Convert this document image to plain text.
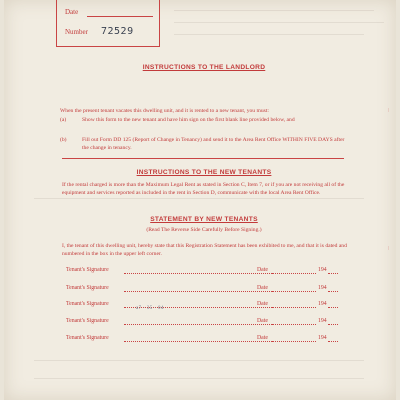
Date
Number 72529
INSTRUCTIONS TO THE LANDLORD
When the present tenant vacates this dwelling unit, and it is rented to a new tenant, you must:
(a)	Show this form to the new tenant and have him sign on the first blank line provided below, and
(b)	Fill out Form DD 125 (Report of Change in Tenancy) and send it to the Area Rent Office WITHIN FIVE DAYS after the change in tenancy.
INSTRUCTIONS TO THE NEW TENANTS
If the rental charged is more than the Maximum Legal Rent as stated in Section C, Item 7, or if you are not receiving all of the equipment and services reported as included in the rent in Section D, communicate with the local Area Rent Office.
STATEMENT BY NEW TENANTS
(Read The Reverse Side Carefully Before Signing.)
I, the tenant of this dwelling unit, hereby state that this Registration Statement has been exhibited to me, and that it is dated and numbered in the box in the upper left corner.
Tenant's Signature	Date	194
Tenant's Signature	Date	194
Tenant's Signature	Date	194
Tenant's Signature	Date	194
Tenant's Signature	Date	194
a7 · 35 · 04
|
|
